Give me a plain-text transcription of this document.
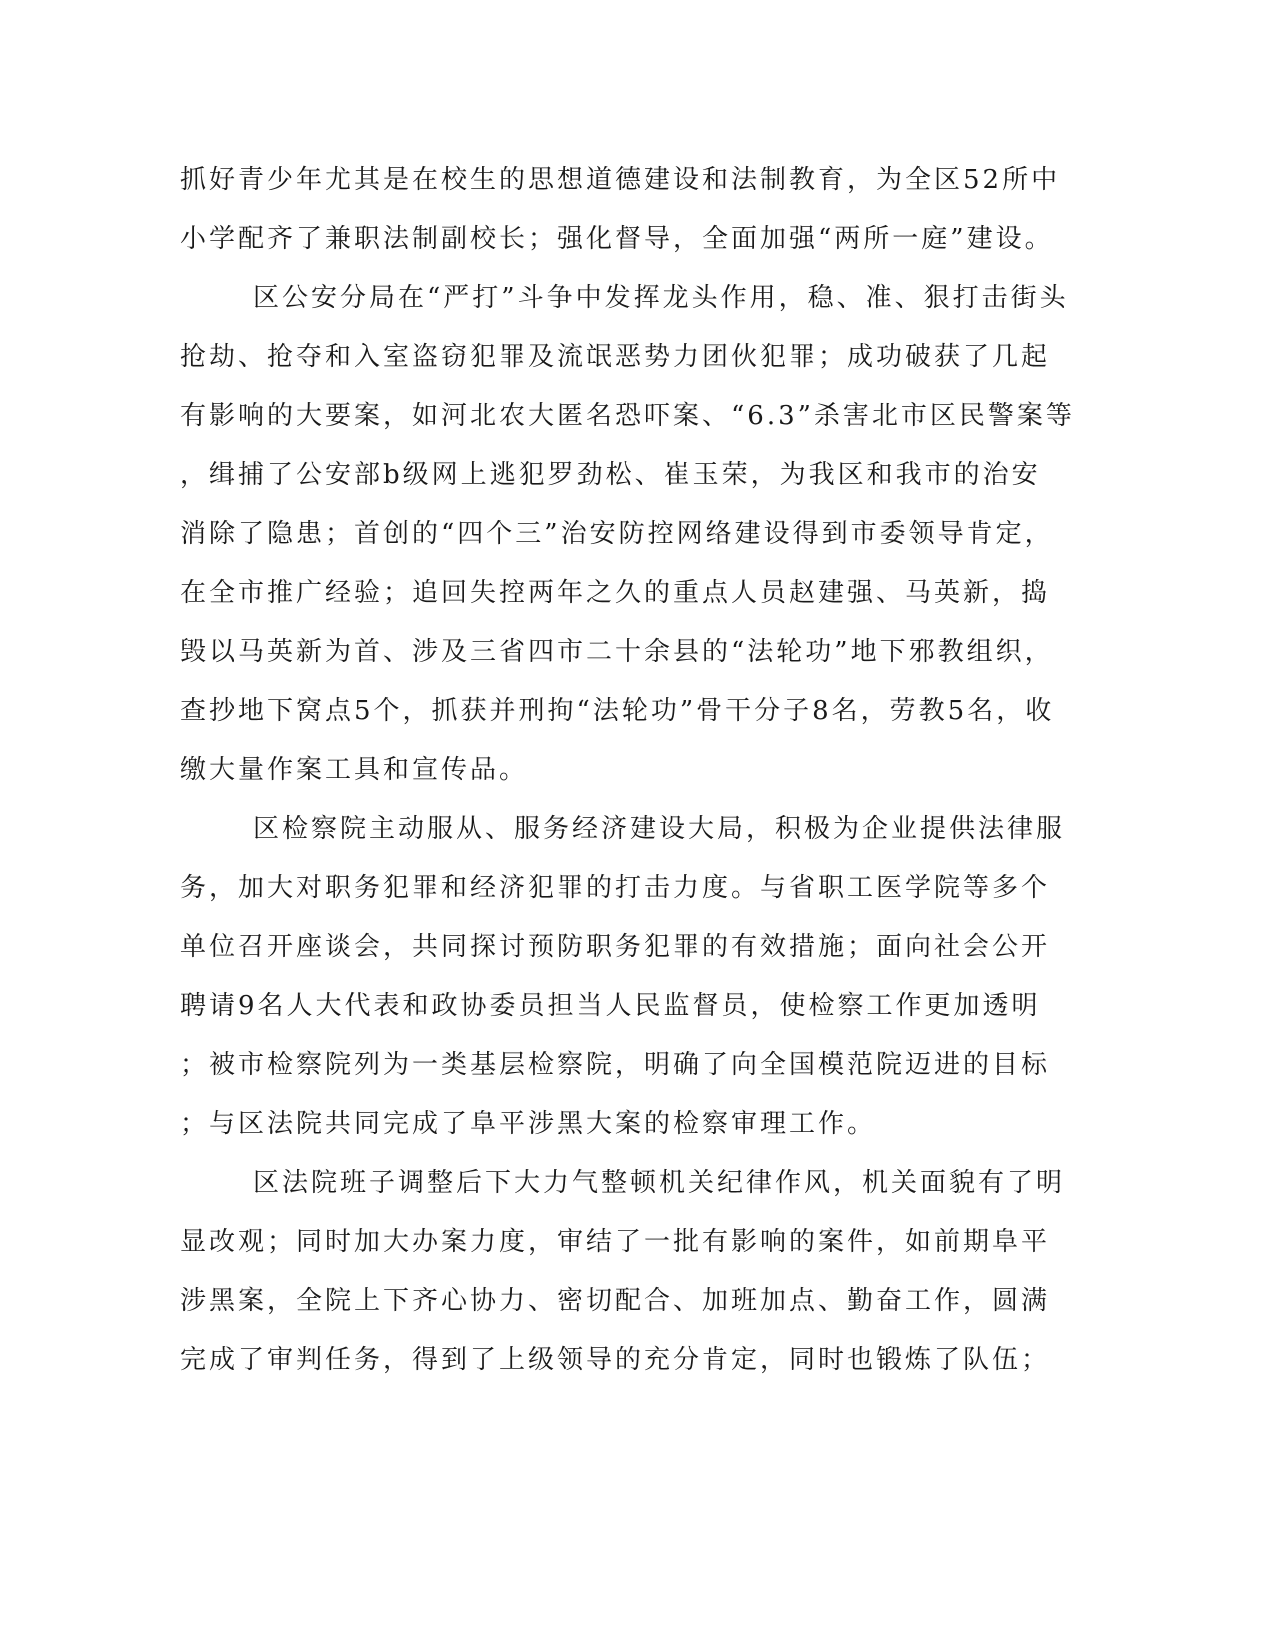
抓好青少年尤其是在校生的思想道德建设和法制教育，为全区52所中
小学配齐了兼职法制副校长；强化督导，全面加强“两所一庭”建设。
区公安分局在“严打”斗争中发挥龙头作用，稳、准、狠打击街头
抢劫、抢夺和入室盗窃犯罪及流氓恶势力团伙犯罪；成功破获了几起
有影响的大要案，如河北农大匿名恐吓案、“6.3”杀害北市区民警案等
，缉捕了公安部b级网上逃犯罗劲松、崔玉荣，为我区和我市的治安
消除了隐患；首创的“四个三”治安防控网络建设得到市委领导肯定，
在全市推广经验；追回失控两年之久的重点人员赵建强、马英新，捣
毁以马英新为首、涉及三省四市二十余县的“法轮功”地下邪教组织，
查抄地下窝点5个，抓获并刑拘“法轮功”骨干分子8名，劳教5名，收
缴大量作案工具和宣传品。
区检察院主动服从、服务经济建设大局，积极为企业提供法律服
务，加大对职务犯罪和经济犯罪的打击力度。与省职工医学院等多个
单位召开座谈会，共同探讨预防职务犯罪的有效措施；面向社会公开
聘请9名人大代表和政协委员担当人民监督员，使检察工作更加透明
；被市检察院列为一类基层检察院，明确了向全国模范院迈进的目标
；与区法院共同完成了阜平涉黑大案的检察审理工作。
区法院班子调整后下大力气整顿机关纪律作风，机关面貌有了明
显改观；同时加大办案力度，审结了一批有影响的案件，如前期阜平
涉黑案，全院上下齐心协力、密切配合、加班加点、勤奋工作，圆满
完成了审判任务，得到了上级领导的充分肯定，同时也锻炼了队伍；
